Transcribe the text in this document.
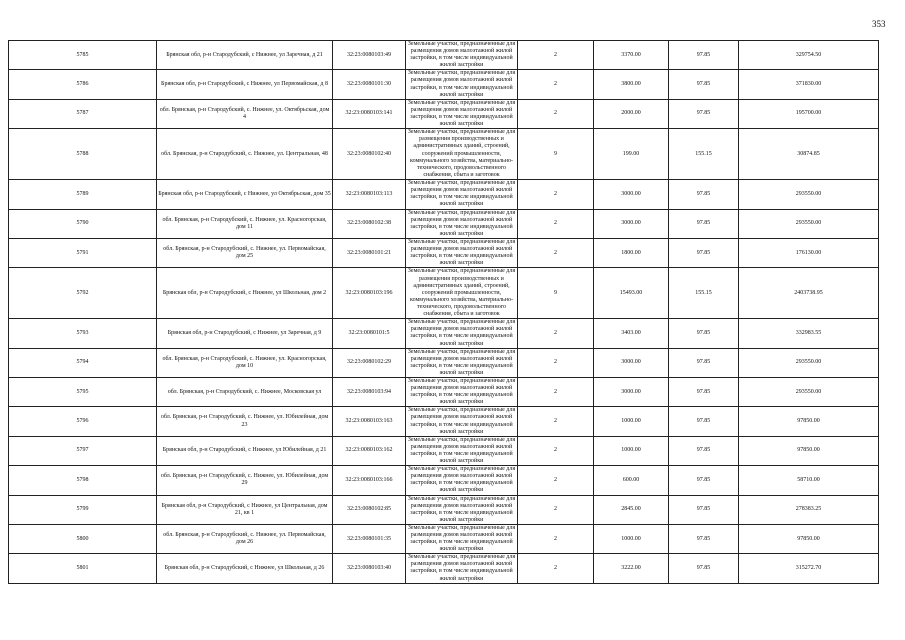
353
5785	Брянская обл, р-н Стародубский, с Нижнее, ул Заречная, д 21	32:23:0080103:49	Земельные участки, предназначенные для размещения домов малоэтажной жилой застройки, в том числе индивидуальной жилой застройки	2	3370.00	97.85	329754.50
5786	Брянская обл, р-н Стародубский, с Нижнее, ул Первомайская, д 8	32:23:0080101:30	Земельные участки, предназначенные для размещения домов малоэтажной жилой застройки, в том числе индивидуальной жилой застройки	2	3800.00	97.85	371830.00
5787	обл. Брянская, р-н Стародубский, с. Нижнее, ул. Октябрьская, дом 4	32:23:0080103:141	Земельные участки, предназначенные для размещения домов малоэтажной жилой застройки, в том числе индивидуальной жилой застройки	2	2000.00	97.85	195700.00
5788	обл. Брянская, р-н Стародубский, с. Нижнее, ул. Центральная, 48	32:23:0080102:40	Земельные участки, предназначенные для размещения производственных и административных зданий, строений, сооружений промышленности, коммунального хозяйства, материально-технического, продовольственного снабжения, сбыта и заготовок	9	199.00	155.15	30874.85
5789	Брянская обл, р-н Стародубский, с Нижнее, ул Октябрьская, дом 35	32:23:0080103:113	Земельные участки, предназначенные для размещения домов малоэтажной жилой застройки, в том числе индивидуальной жилой застройки	2	3000.00	97.85	293550.00
5790	обл. Брянская, р-н Стародубский, с. Нижнее, ул. Красногорская, дом 11	32:23:0080102:38	Земельные участки, предназначенные для размещения домов малоэтажной жилой застройки, в том числе индивидуальной жилой застройки	2	3000.00	97.85	293550.00
5791	обл. Брянская, р-н Стародубский, с. Нижнее, ул. Первомайская, дом 25	32:23:0080101:21	Земельные участки, предназначенные для размещения домов малоэтажной жилой застройки, в том числе индивидуальной жилой застройки	2	1800.00	97.85	176130.00
5792	Брянская обл, р-н Стародубский, с Нижнее, ул Школьная, дом 2	32:23:0080103:196	Земельные участки, предназначенные для размещения производственных и административных зданий, строений, сооружений промышленности, коммунального хозяйства, материально-технического, продовольственного снабжения, сбыта и заготовок	9	15493.00	155.15	2403738.95
5793	Брянская обл, р-н Стародубский, с Нижнее, ул Заречная, д 9	32:23:0080101:5	Земельные участки, предназначенные для размещения домов малоэтажной жилой застройки, в том числе индивидуальной жилой застройки	2	3403.00	97.85	332983.55
5794	обл. Брянская, р-н Стародубский, с. Нижнее, ул. Красногорская, дом 10	32:23:0080102:29	Земельные участки, предназначенные для размещения домов малоэтажной жилой застройки, в том числе индивидуальной жилой застройки	2	3000.00	97.85	293550.00
5795	обл. Брянская, р-н Стародубский, с. Нижнее, Московская ул	32:23:0080103:94	Земельные участки, предназначенные для размещения домов малоэтажной жилой застройки, в том числе индивидуальной жилой застройки	2	3000.00	97.85	293550.00
5796	обл. Брянская, р-н Стародубский, с. Нижнее, ул. Юбилейная, дом 23	32:23:0080103:163	Земельные участки, предназначенные для размещения домов малоэтажной жилой застройки, в том числе индивидуальной жилой застройки	2	1000.00	97.85	97850.00
5797	Брянская обл, р-н Стародубский, с Нижнее, ул Юбилейная, д 21	32:23:0080103:162	Земельные участки, предназначенные для размещения домов малоэтажной жилой застройки, в том числе индивидуальной жилой застройки	2	1000.00	97.85	97850.00
5798	обл. Брянская, р-н Стародубский, с. Нижнее, ул. Юбилейная, дом 29	32:23:0080103:166	Земельные участки, предназначенные для размещения домов малоэтажной жилой застройки, в том числе индивидуальной жилой застройки	2	600.00	97.85	58710.00
5799	Брянская обл, р-н Стародубский, с Нижнее, ул Центральная, дом 21, кв 1	32:23:0080102:85	Земельные участки, предназначенные для размещения домов малоэтажной жилой застройки, в том числе индивидуальной жилой застройки	2	2845.00	97.85	278383.25
5800	обл. Брянская, р-н Стародубский, с. Нижнее, ул. Первомайская, дом 26	32:23:0080101:35	Земельные участки, предназначенные для размещения домов малоэтажной жилой застройки, в том числе индивидуальной жилой застройки	2	1000.00	97.85	97850.00
5801	Брянская обл, р-н Стародубский, с Нижнее, ул Школьная, д 26	32:23:0080103:40	Земельные участки, предназначенные для размещения домов малоэтажной жилой застройки, в том числе индивидуальной жилой застройки	2	3222.00	97.85	315272.70
